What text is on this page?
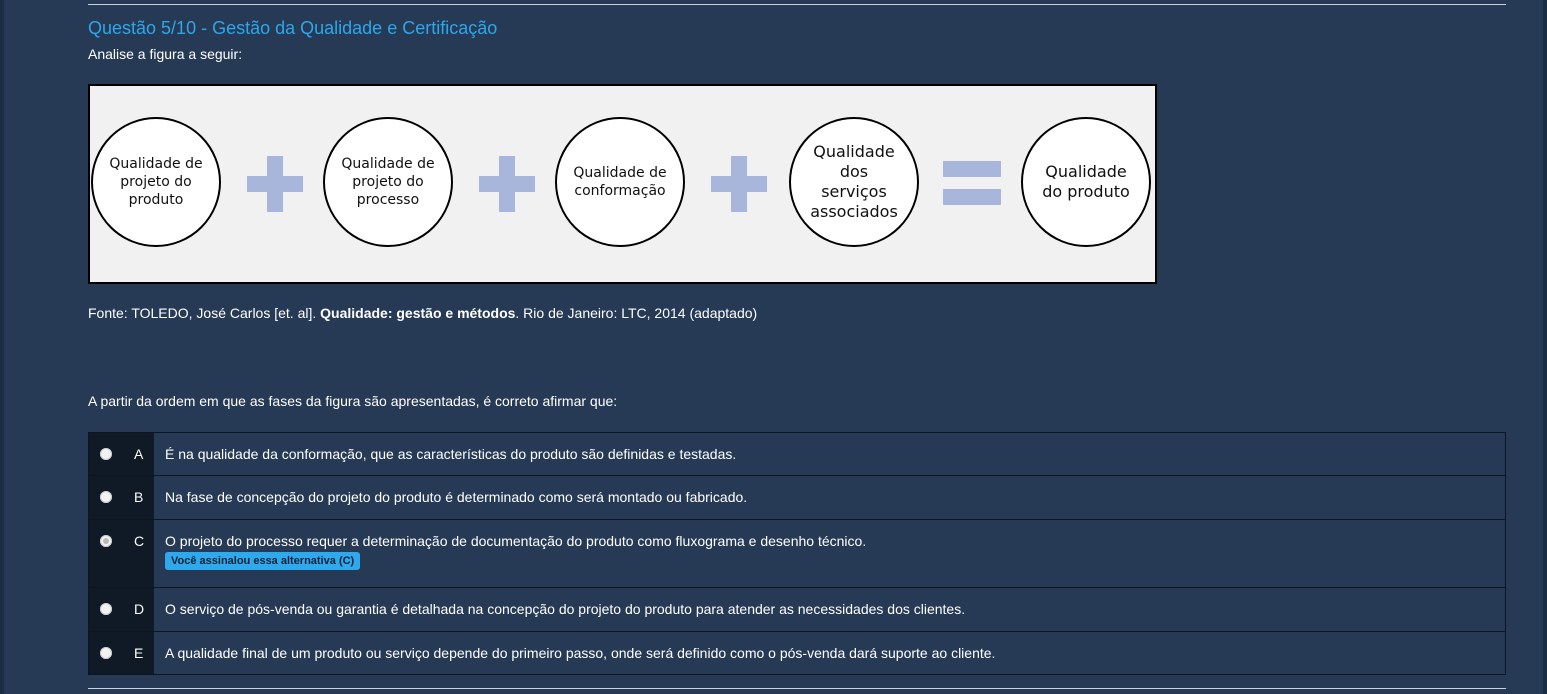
Questão 5/10 - Gestão da Qualidade e Certificação
Analise a figura a seguir:
Qualidade de
projeto do
produto
Qualidade de
projeto do
processo
Qualidade de
conformação
Qualidade
dos
serviços
associados
Qualidade
do produto
Fonte: TOLEDO, José Carlos [et. al]. Qualidade: gestão e métodos. Rio de Janeiro: LTC, 2014 (adaptado)
A partir da ordem em que as fases da figura são apresentadas, é correto afirmar que:
A É na qualidade da conformação, que as características do produto são definidas e testadas.
B Na fase de concepção do projeto do produto é determinado como será montado ou fabricado.
C O projeto do processo requer a determinação de documentação do produto como fluxograma e desenho técnico.
Você assinalou essa alternativa (C)
D O serviço de pós-venda ou garantia é detalhada na concepção do projeto do produto para atender as necessidades dos clientes.
E A qualidade final de um produto ou serviço depende do primeiro passo, onde será definido como o pós-venda dará suporte ao cliente.
